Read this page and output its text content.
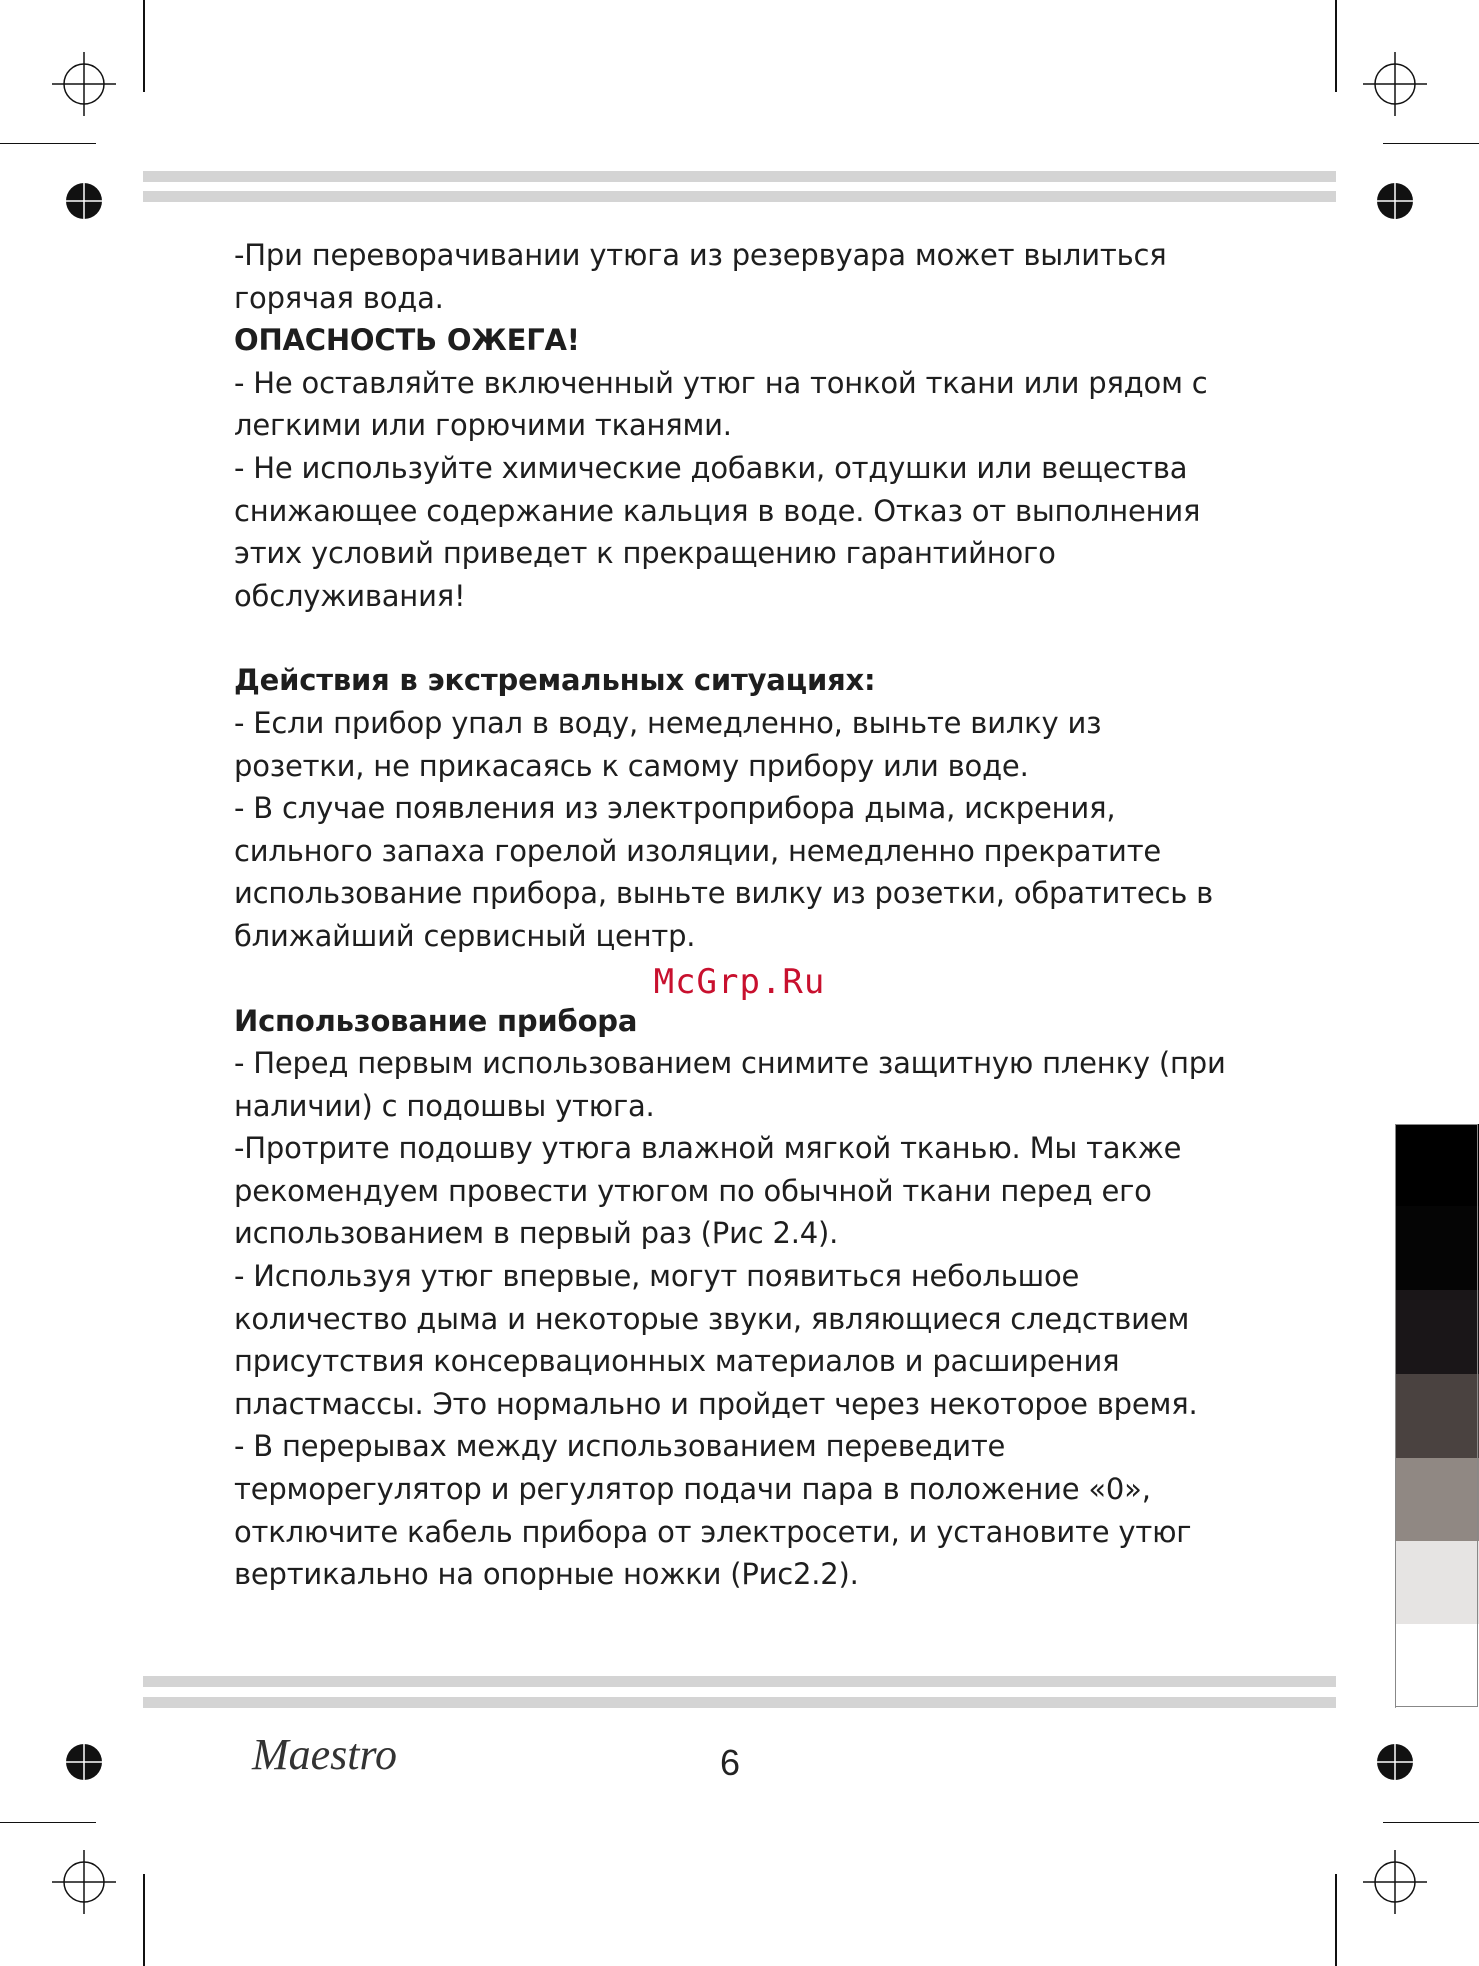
-При переворачивании утюга из резервуара может вылиться
горячая вода.

ОПАСНОСТЬ ОЖЕГА!

- Не оставляйте включенный утюг на тонкой ткани или рядом с
легкими или горючими тканями.

- Не используйте химические добавки, отдушки или вещества
снижающее содержание кальция в воде. Отказ от выполнения
этих условий приведет к прекращению гарантийного
обслуживания!

Действия в экстремальных ситуациях:

- Если прибор упал в воду, немедленно, выньте вилку из
розетки, не прикасаясь к самому прибору или воде.

- В случае появления из электроприбора дыма, искрения,
сильного запаха горелой изоляции, немедленно прекратите
использование прибора, выньте вилку из розетки, обратитесь в
ближайший сервисный центр.

Использование прибора

- Перед первым использованием снимите защитную пленку (при
наличии) с подошвы утюга.

-Протрите подошву утюга влажной мягкой тканью. Мы также
рекомендуем провести утюгом по обычной ткани перед его
использованием в первый раз (Рис 2.4).

- Используя утюг впервые, могут появиться небольшое
количество дыма и некоторые звуки, являющиеся следствием
присутствия консервационных материалов и расширения
пластмассы. Это нормально и пройдет через некоторое время.

- В перерывах между использованием переведите
терморегулятор и регулятор подачи пара в положение «0»,
отключите кабель прибора от электросети, и установите утюг
вертикально на опорные ножки (Рис2.2).

McGrp.Ru
Maestro	6
